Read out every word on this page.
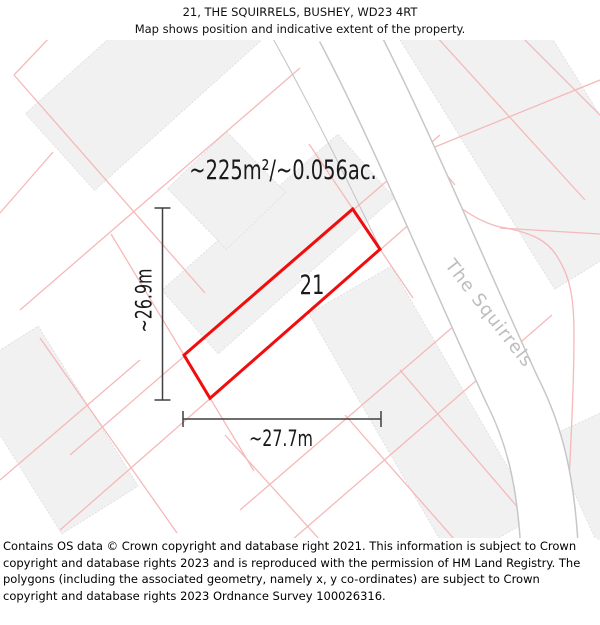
21, THE SQUIRRELS, BUSHEY, WD23 4RT
Map shows position and indicative extent of the property.
~225m²/~0.056ac.
21
~26.9m
~27.7m
The Squirrels
Contains OS data © Crown copyright and database right 2021. This information is subject to Crown copyright and database rights 2023 and is reproduced with the permission of HM Land Registry. The polygons (including the associated geometry, namely x, y co-ordinates) are subject to Crown copyright and database rights 2023 Ordnance Survey 100026316.
